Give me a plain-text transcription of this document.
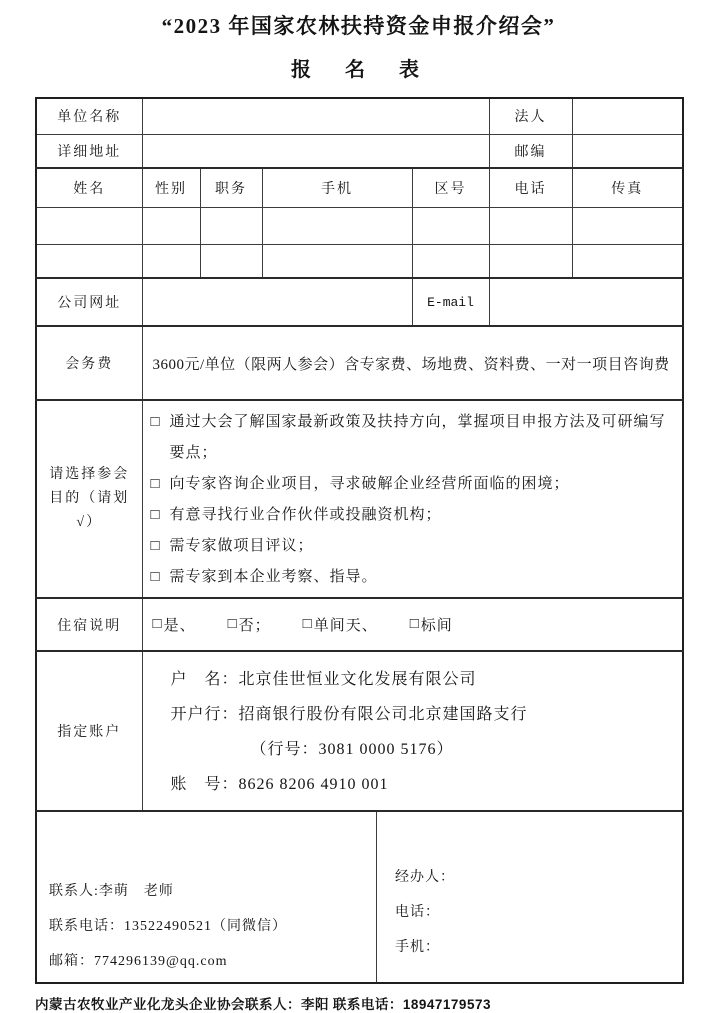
“2023 年国家农林扶持资金申报介绍会”
报　名　表
单位名称					法人	
详细地址					邮编	
姓名	性别	职务	手机	区号	电话	传真

公司网址				E-mail		
会务费	3600元/单位（限两人参会）含专家费、场地费、资料费、一对一项目咨询费					

请选择参会
目的（请划
√）

□ 通过大会了解国家最新政策及扶持方向，掌握项目申报方法及可研编写要点；
□ 向专家咨询企业项目，寻求破解企业经营所面临的困境；
□ 有意寻找行业合作伙伴或投融资机构；
□ 需专家做项目评议；
□ 需专家到本企业考察、指导。

住宿说明	□ 是、 □ 否； □ 单间天、 □ 标间

指定账户	户　名：北京佳世恒业文化发展有限公司
开户行：招商银行股份有限公司北京建国路支行
（行号：3081 0000 5176）
账　号：8626 8206 4910 001					

联系人:李萌　老师
联系电话：13522490521（同微信）
邮箱：774296139@qq.com
经办人：
电话：
手机：
内蒙古农牧业产业化龙头企业协会联系人：李阳 联系电话：18947179573
